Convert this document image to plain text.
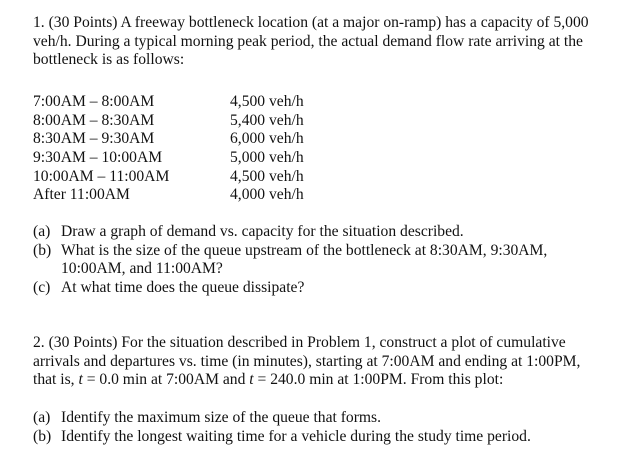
1. (30 Points) A freeway bottleneck location (at a major on-ramp) has a capacity of 5,000
veh/h. During a typical morning peak period, the actual demand flow rate arriving at the
bottleneck is as follows:
7:00AM – 8:00AM	4,500 veh/h
8:00AM – 8:30AM	5,400 veh/h
8:30AM – 9:30AM	6,000 veh/h
9:30AM – 10:00AM	5,000 veh/h
10:00AM – 11:00AM	4,500 veh/h
After 11:00AM	4,000 veh/h
(a) Draw a graph of demand vs. capacity for the situation described.
(b) What is the size of the queue upstream of the bottleneck at 8:30AM, 9:30AM,
10:00AM, and 11:00AM?
(c) At what time does the queue dissipate?
2. (30 Points) For the situation described in Problem 1, construct a plot of cumulative
arrivals and departures vs. time (in minutes), starting at 7:00AM and ending at 1:00PM,
that is, t = 0.0 min at 7:00AM and t = 240.0 min at 1:00PM. From this plot:
(a) Identify the maximum size of the queue that forms.
(b) Identify the longest waiting time for a vehicle during the study time period.
